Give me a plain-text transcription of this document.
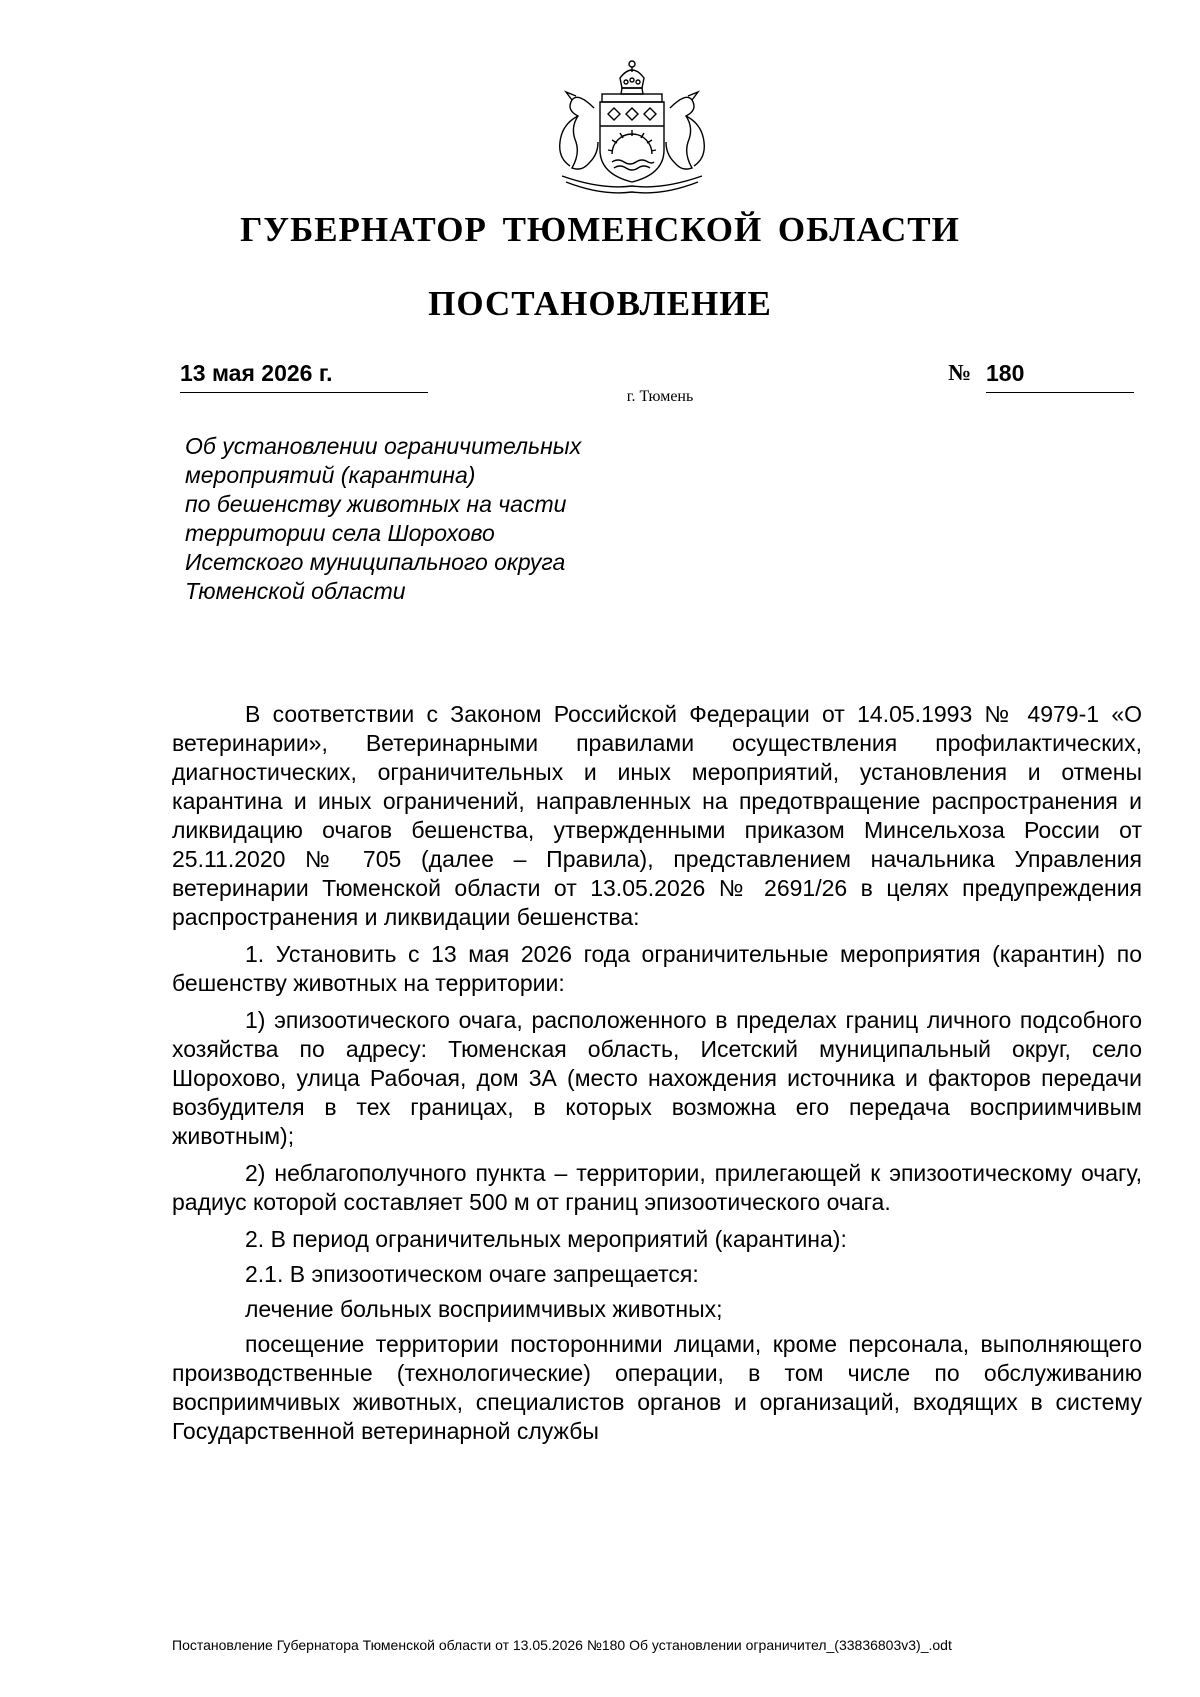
ГУБЕРНАТОР ТЮМЕНСКОЙ ОБЛАСТИ
ПОСТАНОВЛЕНИЕ
13 мая 2026 г.	№ 180
г. Тюмень
Об установлении ограничительных
мероприятий (карантина)
по бешенству животных на части
территории села Шорохово
Исетского муниципального округа
Тюменской области

В соответствии с Законом Российской Федерации от 14.05.1993 № 4979-1 «О ветеринарии», Ветеринарными правилами осуществления профилактических, диагностических, ограничительных и иных мероприятий, установления и отмены карантина и иных ограничений, направленных на предотвращение распространения и ликвидацию очагов бешенства, утвержденными приказом Минсельхоза России от 25.11.2020 № 705 (далее – Правила), представлением начальника Управления ветеринарии Тюменской области от 13.05.2026 № 2691/26 в целях предупреждения распространения и ликвидации бешенства:

1. Установить с 13 мая 2026 года ограничительные мероприятия (карантин) по бешенству животных на территории:

1) эпизоотического очага, расположенного в пределах границ личного подсобного хозяйства по адресу: Тюменская область, Исетский муниципальный округ, село Шорохово, улица Рабочая, дом 3А (место нахождения источника и факторов передачи возбудителя в тех границах, в которых возможна его передача восприимчивым животным);

2) неблагополучного пункта – территории, прилегающей к эпизоотическому очагу, радиус которой составляет 500 м от границ эпизоотического очага.

2. В период ограничительных мероприятий (карантина):

2.1. В эпизоотическом очаге запрещается:

лечение больных восприимчивых животных;

посещение территории посторонними лицами, кроме персонала, выполняющего производственные (технологические) операции, в том числе по обслуживанию восприимчивых животных, специалистов органов и организаций, входящих в систему Государственной ветеринарной службы

Постановление Губернатора Тюменской области от 13.05.2026 №180 Об установлении ограничител_(33836803v3)_.odt
